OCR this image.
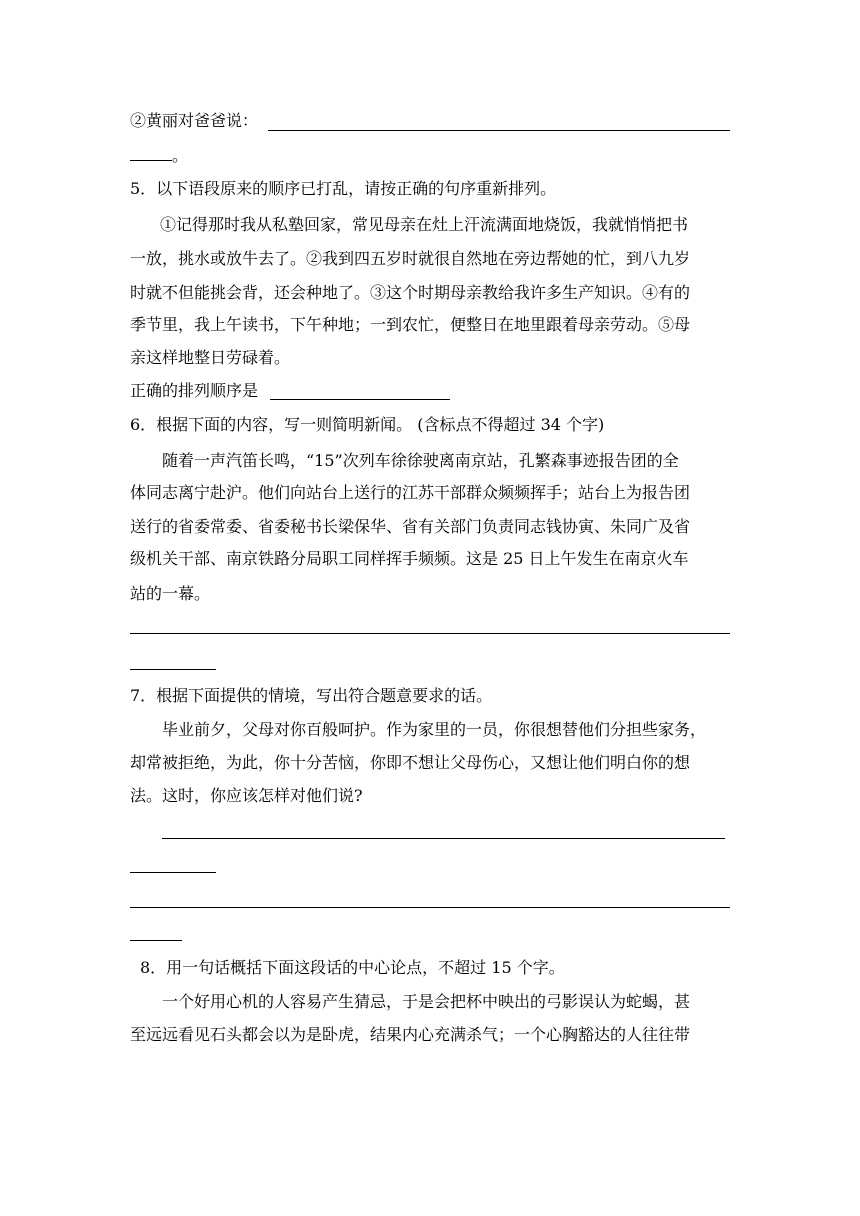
②黄丽对爸爸说：
。
5．以下语段原来的顺序已打乱，请按正确的句序重新排列。
①记得那时我从私塾回家，常见母亲在灶上汗流满面地烧饭，我就悄悄把书
一放，挑水或放牛去了。②我到四五岁时就很自然地在旁边帮她的忙，到八九岁
时就不但能挑会背，还会种地了。③这个时期母亲教给我许多生产知识。④有的
季节里，我上午读书，下午种地；一到农忙，便整日在地里跟着母亲劳动。⑤母
亲这样地整日劳碌着。
正确的排列顺序是
6．根据下面的内容，写一则简明新闻。 (含标点不得超过 34 个字)
随着一声汽笛长鸣，“15”次列车徐徐驶离南京站，孔繁森事迹报告团的全
体同志离宁赴沪。他们向站台上送行的江苏干部群众频频挥手；站台上为报告团
送行的省委常委、省委秘书长梁保华、省有关部门负责同志钱协寅、朱同广及省
级机关干部、南京铁路分局职工同样挥手频频。这是 25 日上午发生在南京火车
站的一幕。
7．根据下面提供的情境，写出符合题意要求的话。
毕业前夕，父母对你百般呵护。作为家里的一员，你很想替他们分担些家务，
却常被拒绝，为此，你十分苦恼，你即不想让父母伤心，又想让他们明白你的想
法。这时，你应该怎样对他们说?
8．用一句话概括下面这段话的中心论点，不超过 15 个字。
一个好用心机的人容易产生猜忌，于是会把杯中映出的弓影误认为蛇蝎，甚
至远远看见石头都会以为是卧虎，结果内心充满杀气；一个心胸豁达的人往往带
